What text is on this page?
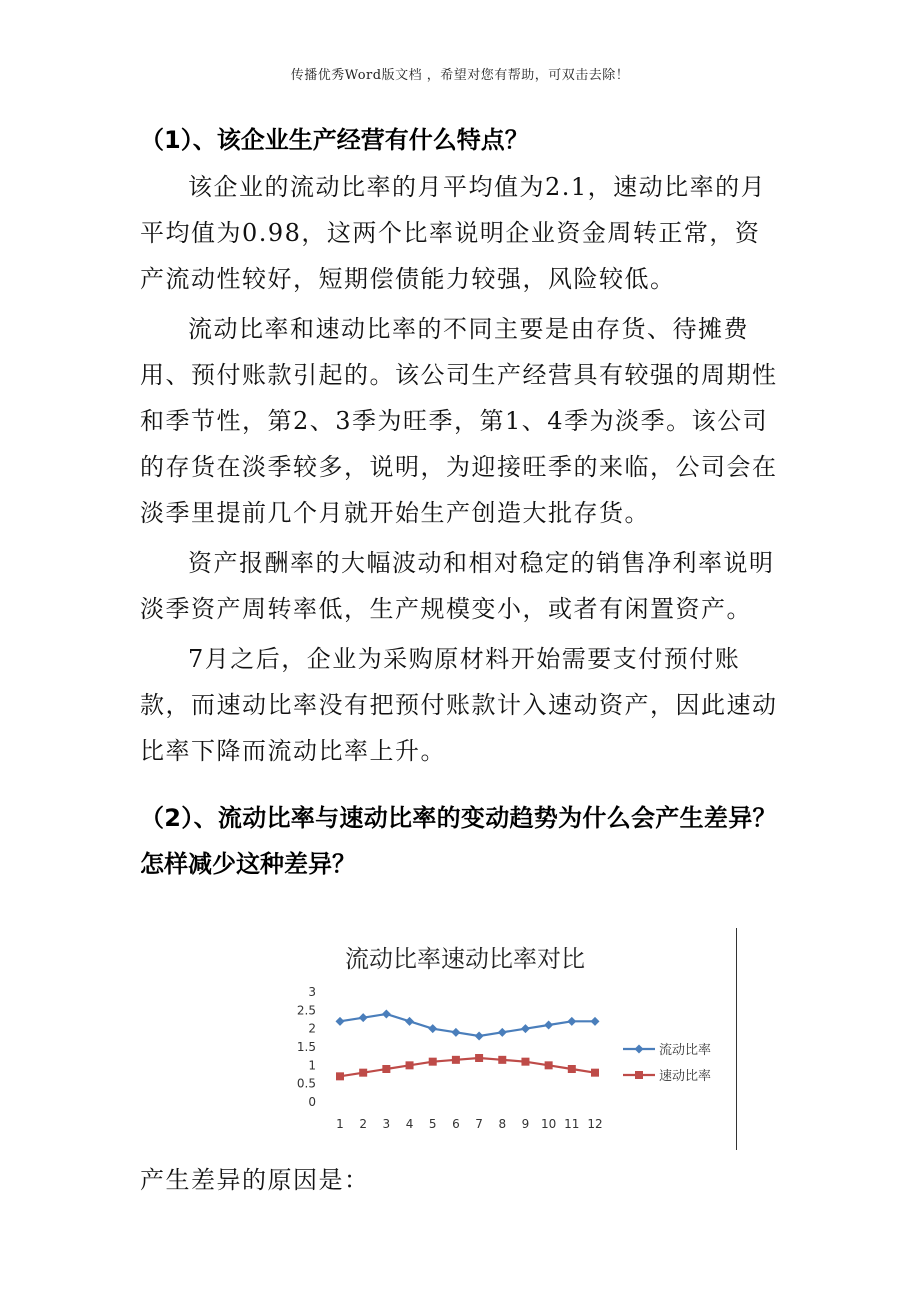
传播优秀Word版文档 ，希望对您有帮助，可双击去除！
（1）、该企业生产经营有什么特点？
该企业的流动比率的月平均值为2.1，速动比率的月平均值为0.98，这两个比率说明企业资金周转正常，资产流动性较好，短期偿债能力较强，风险较低。
流动比率和速动比率的不同主要是由存货、待摊费用、预付账款引起的。该公司生产经营具有较强的周期性和季节性，第2、3季为旺季，第1、4季为淡季。该公司的存货在淡季较多，说明，为迎接旺季的来临，公司会在淡季里提前几个月就开始生产创造大批存货。
资产报酬率的大幅波动和相对稳定的销售净利率说明淡季资产周转率低，生产规模变小，或者有闲置资产。
7月之后，企业为采购原材料开始需要支付预付账款，而速动比率没有把预付账款计入速动资产，因此速动比率下降而流动比率上升。
（2）、流动比率与速动比率的变动趋势为什么会产生差异？
怎样减少这种差异？
流动比率速动比率对比
0
0.5
1
1.5
2
2.5
3
1 2 3 4 5 6 7 8 9 10 11 12
流动比率
速动比率
产生差异的原因是：
